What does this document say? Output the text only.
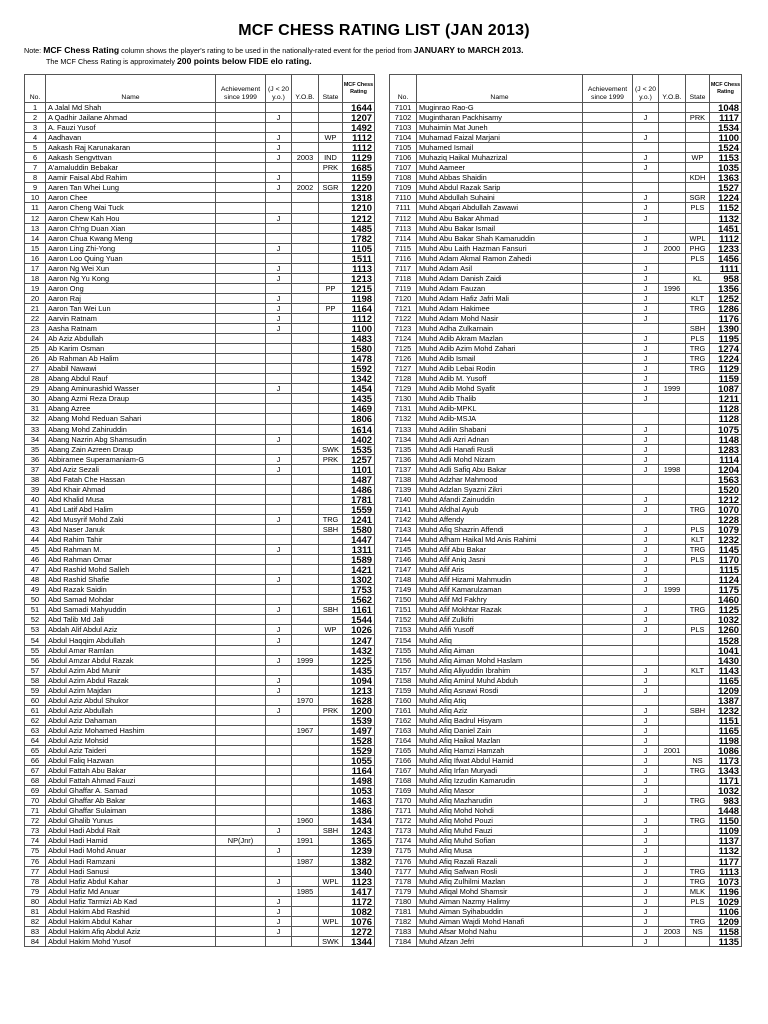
MCF CHESS RATING LIST (JAN 2013)
Note: MCF Chess Rating column shows the player's rating to be used in the nationally-rated event for the period from JANUARY to MARCH 2013.
The MCF Chess Rating is approximately 200 points below FIDE elo rating.
No.	Name	Achievement since 1999	(J < 20 y.o.)	Y.O.B.	State	MCF Chess Rating
1	A Jalal Md Shah					1644
2	A Qadhir Jailane Ahmad		J			1207
3	A. Fauzi Yusof					1492
4	Aadhavan		J		WP	1112
5	Aakash Raj Karunakaran		J			1112
6	Aakash Sengvttvan		J	2003	IND	1129
7	A'amaluddin Bebakar				PRK	1685
8	Aamir Faisal Abd Rahim		J			1159
9	Aaren Tan Whei Lung		J	2002	SGR	1220
10	Aaron Chee					1318
11	Aaron Cheng Wai Tuck					1210
12	Aaron Chew Kah Hou		J			1212
13	Aaron Ch'ng Duan Xian					1485
14	Aaron Chua Kwang Meng					1782
15	Aaron Ling Zhi-Yong		J			1105
16	Aaron Loo Quing Yuan					1511
17	Aaron Ng Wei Xun		J			1113
18	Aaron Ng Yu Kong		J			1213
19	Aaron Ong				PP	1215
20	Aaron Raj		J			1198
21	Aaron Tan Wei Lun		J		PP	1164
22	Aarvin Ratnam		J			1112
23	Aasha Ratnam		J			1100
24	Ab Aziz Abdullah					1483
25	Ab Karim Osman					1580
26	Ab Rahman Ab Halim					1478
27	Ababil Nawawi					1592
28	Abang Abdul Rauf					1342
29	Abang Aminurashid Wasser		J			1454
30	Abang Azmi Reza Draup					1435
31	Abang Azree					1469
32	Abang Mohd Reduan Sahari					1806
33	Abang Mohd Zahiruddin					1614
34	Abang Nazrin Abg Shamsudin		J			1402
35	Abang Zain Azreen Draup				SWK	1535
36	Abbiramee Superamaniam-G		J		PRK	1257
37	Abd Aziz Sezali		J			1101
38	Abd Fatah Che Hassan					1487
39	Abd Khair Ahmad					1486
40	Abd Khalid Musa					1781
41	Abd Latif Abd Halim					1559
42	Abd Musyrif Mohd Zaki		J		TRG	1241
43	Abd Naser Januk				SBH	1580
44	Abd Rahim Tahir					1447
45	Abd Rahman M.		J			1311
46	Abd Rahman Omar					1589
47	Abd Rashid Mohd Salleh					1421
48	Abd Rashid Shafie		J			1302
49	Abd Razak Saidin					1753
50	Abd Samad Mohdar					1562
51	Abd Samadi Mahyuddin		J		SBH	1161
52	Abd Talib Md Jali					1544
53	Abdah Alif Abdul Aziz		J		WP	1026
54	Abdul Haqqim Abdullah		J			1247
55	Abdul Amar Ramlan					1432
56	Abdul Amzar Abdul Razak		J	1999		1225
57	Abdul Azim Abd Munir					1435
58	Abdul Azim Abdul Razak		J			1094
59	Abdul Azim Majdan		J			1213
60	Abdul Aziz Abdul Shukor			1970		1628
61	Abdul Aziz Abdullah		J		PRK	1200
62	Abdul Aziz Dahaman					1539
63	Abdul Aziz Mohamed Hashim			1967		1497
64	Abdul Aziz Mohsid					1528
65	Abdul Aziz Taideri					1529
66	Abdul Faliq Hazwan					1055
67	Abdul Fattah Abu Bakar					1164
68	Abdul Fattah Ahmad Fauzi					1498
69	Abdul Ghaffar A. Samad					1053
70	Abdul Ghaffar Ab Bakar					1463
71	Abdul Ghaffar Sulaiman					1386
72	Abdul Ghalib Yunus			1960		1434
73	Abdul Hadi Abdul Rait		J		SBH	1243
74	Abdul Hadi Hamid	NP(Jnr)		1991		1365
75	Abdul Hadi Mohd Anuar		J			1239
76	Abdul Hadi Ramzani			1987		1382
77	Abdul Hadi Sanusi					1340
78	Abdul Hafiz Abdul Kahar		J		WPL	1123
79	Abdul Hafiz Md Anuar			1985		1417
80	Abdul Hafiz Tarmizi Ab Kad		J			1172
81	Abdul Hakim Abd Rashid		J			1082
82	Abdul Hakim Abdul Kahar		J		WPL	1076
83	Abdul Hakim Afiq Abdul Aziz		J			1272
84	Abdul Hakim Mohd Yusof				SWK	1344
No.	Name	Achievement since 1999	(J < 20 y.o.)	Y.O.B.	State	MCF Chess Rating
7101	Muginrao Rao-G					1048
7102	Mugintharan Packhisamy		J		PRK	1117
7103	Muhaimin Mat Juneh					1534
7104	Muhamad Faizal Marjani		J			1100
7105	Muhamed Ismail					1524
7106	Muhaziq Haikal Muhazrizal		J		WP	1153
7107	Muhd Aameer		J			1035
7108	Muhd Abbas Shaidin				KDH	1363
7109	Muhd Abdul Razak Sarip					1527
7110	Muhd Abdullah Suhaini		J		SGR	1224
7111	Muhd Abqari Abdullah Zawawi		J		PLS	1152
7112	Muhd Abu Bakar Ahmad		J			1132
7113	Muhd Abu Bakar Ismail					1451
7114	Muhd Abu Bakar Shah Kamaruddin		J		WPL	1112
7115	Muhd Abu Laith Hazman Fansuri		J	2000	PHG	1233
7116	Muhd Adam Akmal Ramon Zahedi				PLS	1456
7117	Muhd Adam Asil		J			1111
7118	Muhd Adam Danish Zaidi		J		KL	958
7119	Muhd Adam Fauzan		J	1996		1356
7120	Muhd Adam Hafiz Jafri Mali		J		KLT	1252
7121	Muhd Adam Hakimee		J		TRG	1286
7122	Muhd Adam Mohd Nasir		J			1176
7123	Muhd Adha Zulkarnain				SBH	1390
7124	Muhd Adib Akram Mazlan		J		PLS	1195
7125	Muhd Adib Azim Mohd Zahari		J		TRG	1274
7126	Muhd Adib Ismail		J		TRG	1224
7127	Muhd Adib Lebai Rodin		J		TRG	1129
7128	Muhd Adib M. Yusoff		J			1159
7129	Muhd Adib Mohd Syafit		J	1999		1087
7130	Muhd Adib Thalib		J			1211
7131	Muhd Adib-MPKL					1128
7132	Muhd Adib-MSJA					1128
7133	Muhd Adilin Shabani		J			1075
7134	Muhd Adli Azri Adnan		J			1148
7135	Muhd Adli Hanafi Rusli		J			1283
7136	Muhd Adli Mohd Nizam		J			1114
7137	Muhd Adli Safiq Abu Bakar		J	1998		1204
7138	Muhd Adzhar Mahmood					1563
7139	Muhd Adzlan Syazni Zikri					1520
7140	Muhd Afandi Zainuddin		J			1212
7141	Muhd Afdhal Ayub		J		TRG	1070
7142	Muhd Affendy					1228
7143	Muhd Afiq Shazrin Affendi		J		PLS	1079
7144	Muhd Afham Haikal Md Anis Rahimi		J		KLT	1232
7145	Muhd Afif Abu Bakar		J		TRG	1145
7146	Muhd Afif Aniq Jasni		J		PLS	1170
7147	Muhd Afif Aris		J			1115
7148	Muhd Afif Hizami Mahmudin		J			1124
7149	Muhd Afif Kamarulzaman		J	1999		1175
7150	Muhd Afif Md Fakhry					1460
7151	Muhd Afif Mokhtar Razak		J		TRG	1125
7152	Muhd Afif Zulkifri		J			1032
7153	Muhd Afifi Yusoff		J		PLS	1260
7154	Muhd Afiq					1528
7155	Muhd Afiq Aiman					1041
7156	Muhd Afiq Aiman Mohd Haslam					1430
7157	Muhd Afiq Aliyuddin Ibrahim		J		KLT	1143
7158	Muhd Afiq Amirul Muhd Abduh		J			1165
7159	Muhd Afiq Asnawi Rosdi		J			1209
7160	Muhd Afiq Atiq					1387
7161	Muhd Afiq Aziz		J		SBH	1232
7162	Muhd Afiq Badrul Hisyam		J			1151
7163	Muhd Afiq Daniel Zain		J			1165
7164	Muhd Afiq Haikal Mazlan		J			1198
7165	Muhd Afiq Hamzi Hamzah		J	2001		1086
7166	Muhd Afiq Ifwat Abdul Hamid		J		NS	1173
7167	Muhd Afiq Irfan Muryadi		J		TRG	1343
7168	Muhd Afiq Izzudin Kamarudin		J			1171
7169	Muhd Afiq Masor		J			1032
7170	Muhd Afiq Mazharudin		J		TRG	983
7171	Muhd Afiq Mohd Nohdi					1448
7172	Muhd Afiq Mohd Pouzi		J		TRG	1150
7173	Muhd Afiq Muhd Fauzi		J			1109
7174	Muhd Afiq Muhd Sofian		J			1137
7175	Muhd Afiq Musa		J			1132
7176	Muhd Afiq Razali Razali		J			1177
7177	Muhd Afiq Safwan Rosli		J		TRG	1113
7178	Muhd Afiq Zulhilmi Mazlan		J		TRG	1073
7179	Muhd Afiqal Mohd Shamsir		J		MLK	1196
7180	Muhd Aiman Nazmy Halimy		J		PLS	1029
7181	Muhd Aiman Syihabuddin		J			1106
7182	Muhd Aiman Wajdi Mohd Hanafi		J		TRG	1209
7183	Muhd Afsar Mohd Nahu		J	2003	NS	1158
7184	Muhd Afzan Jefri		J			1135
